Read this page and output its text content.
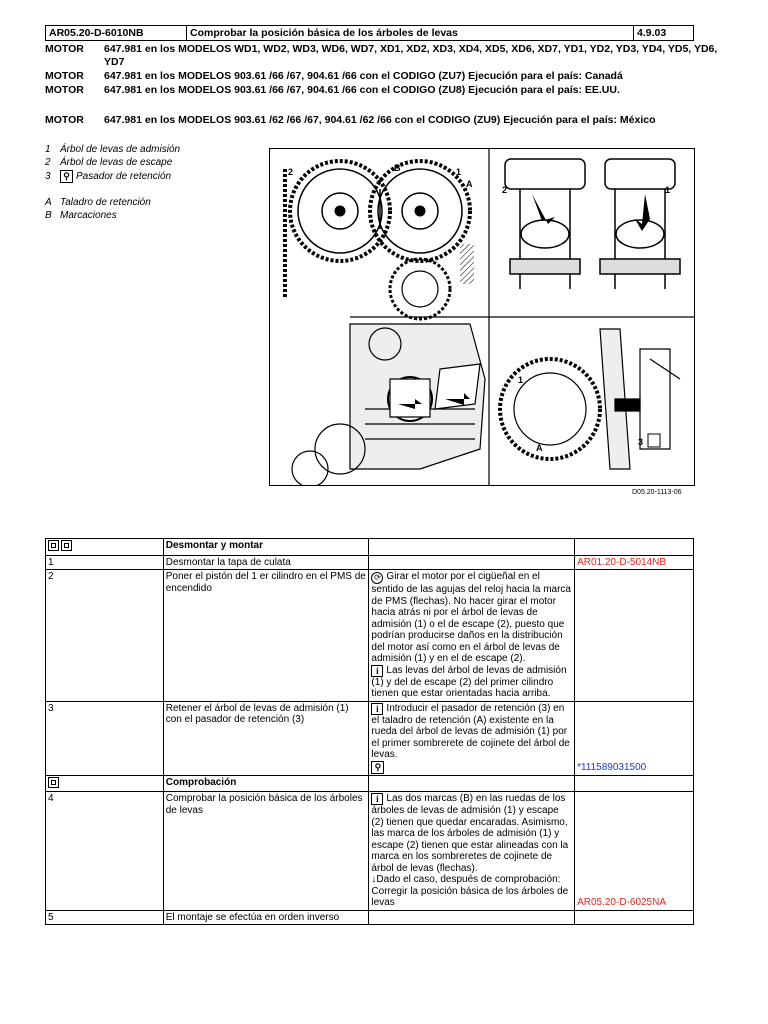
AR05.20-D-6010NB	Comprobar la posición básica de los árboles de levas	4.9.03
MOTOR 647.981 en los MODELOS WD1, WD2, WD3, WD6, WD7, XD1, XD2, XD3, XD4, XD5, XD6, XD7, YD1, YD2, YD3, YD4, YD5, YD6, YD7
MOTOR 647.981 en los MODELOS 903.61 /66 /67, 904.61 /66 con el CODIGO (ZU7) Ejecución para el país: Canadá
MOTOR 647.981 en los MODELOS 903.61 /66 /67, 904.61 /66 con el CODIGO (ZU8) Ejecución para el país: EE.UU.
MOTOR 647.981 en los MODELOS 903.61 /62 /66 /67, 904.61 /62 /66 con el CODIGO (ZU9) Ejecución para el país: México
1 Árbol de levas de admisión
2 Árbol de levas de escape
3 ⚲ Pasador de retención
A Taladro de retención
B Marcaciones
2	B	1
A
2	1
1
A
3
D05.20-1113-06
	Desmontar y montar		
1	Desmontar la tapa de culata		AR01.20-D-5014NB
2	Poner el pistón del 1 er cilindro en el PMS de encendido	⟳ Girar el motor por el cigüeñal en el sentido de las agujas del reloj hacia la marca de PMS (flechas). No hacer girar el motor hacia atrás ni por el árbol de levas de admisión (1) o el de escape (2), puesto que podrían producirse daños en la distribución del motor así como en el árbol de levas de admisión (1) y en el de escape (2).
i Las levas del árbol de levas de admisión (1) y del de escape (2) del primer cilindro tienen que estar orientadas hacia arriba.	

3	Retener el árbol de levas de admisión (1) con el pasador de retención (3)	i Introducir el pasador de retención (3) en el taladro de retención (A) existente en la rueda del árbol de levas de admisión (1) por el primer sombrerete de cojinete del árbol de levas.
⚲	*111589031500
	Comprobación		
4	Comprobar la posición básica de los árboles de levas	i Las dos marcas (B) en las ruedas de los árboles de levas de admisión (1) y escape (2) tienen que quedar encaradas. Asimismo, las marca de los árboles de admisión (1) y escape (2) tienen que estar alineadas con la marca en los sombreretes de cojinete de árbol de levas (flechas).
↓Dado el caso, después de comprobación:
Corregir la posición básica de los árboles de levas	AR05.20-D-6025NA
5	El montaje se efectúa en orden inverso		
